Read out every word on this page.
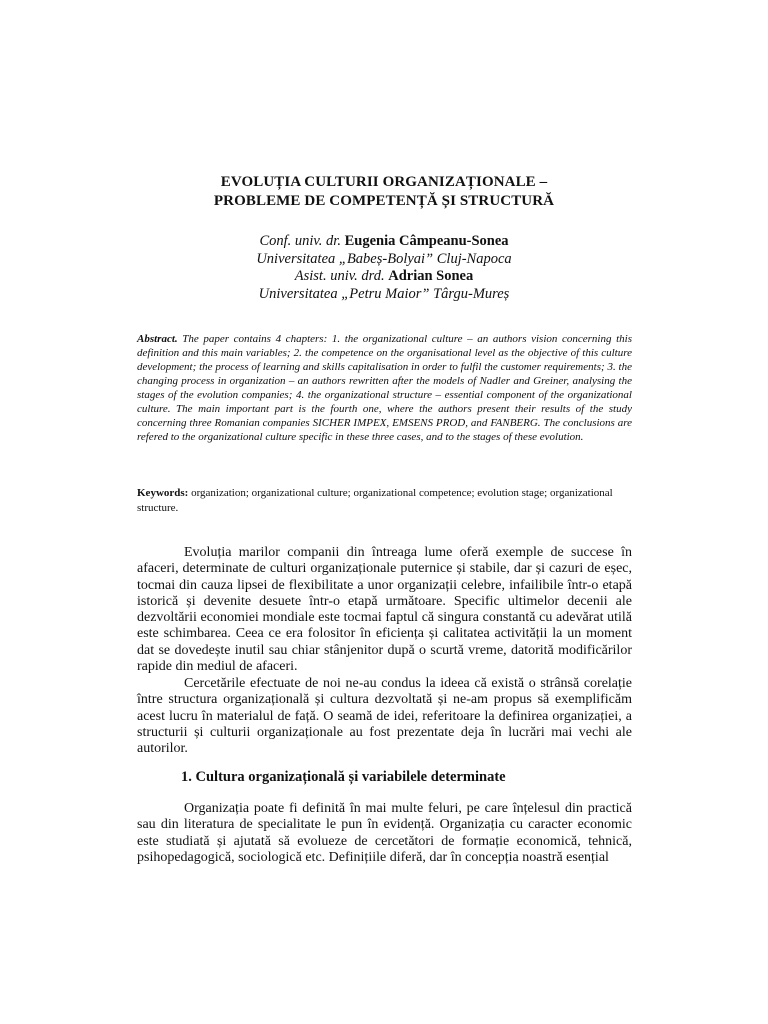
EVOLUȚIA CULTURII ORGANIZAȚIONALE –
PROBLEME DE COMPETENȚĂ ȘI STRUCTURĂ
Conf. univ. dr. Eugenia Câmpeanu-Sonea
Universitatea „Babeș-Bolyai” Cluj-Napoca
Asist. univ. drd. Adrian Sonea
Universitatea „Petru Maior” Târgu-Mureș
Abstract. The paper contains 4 chapters: 1. the organizational culture – an authors vision concerning this definition and this main variables; 2. the competence on the organisational level as the objective of this culture development; the process of learning and skills capitalisation in order to fulfil the customer requirements; 3. the changing process in organization – an authors rewritten after the models of Nadler and Greiner, analysing the stages of the evolution companies; 4. the organizational structure – essential component of the organizational culture. The main important part is the fourth one, where the authors present their results of the study concerning three Romanian companies SICHER IMPEX, EMSENS PROD, and FANBERG. The conclusions are refered to the organizational culture specific in these three cases, and to the stages of these evolution.
Keywords: organization; organizational culture; organizational competence; evolution stage; organizational structure.
Evoluția marilor companii din întreaga lume oferă exemple de succese în afaceri, determinate de culturi organizaționale puternice și stabile, dar și cazuri de eșec, tocmai din cauza lipsei de flexibilitate a unor organizații celebre, infailibile într-o etapă istorică și devenite desuete într-o etapă următoare. Specific ultimelor decenii ale dezvoltării economiei mondiale este tocmai faptul că singura constantă cu adevărat utilă este schimbarea. Ceea ce era folositor în eficiența și calitatea activității la un moment dat se dovedește inutil sau chiar stânjenitor după o scurtă vreme, datorită modificărilor rapide din mediul de afaceri.
Cercetările efectuate de noi ne-au condus la ideea că există o strânsă corelație între structura organizațională și cultura dezvoltată și ne-am propus să exemplificăm acest lucru în materialul de față. O seamă de idei, referitoare la definirea organizației, a structurii și culturii organizaționale au fost prezentate deja în lucrări mai vechi ale autorilor.
1. Cultura organizațională și variabilele determinate
Organizația poate fi definită în mai multe feluri, pe care înțelesul din practică sau din literatura de specialitate le pun în evidență. Organizația cu caracter economic este studiată și ajutată să evolueze de cercetători de formație economică, tehnică, psihopedagogică, sociologică etc. Definițiile diferă, dar în concepția noastră esențial
